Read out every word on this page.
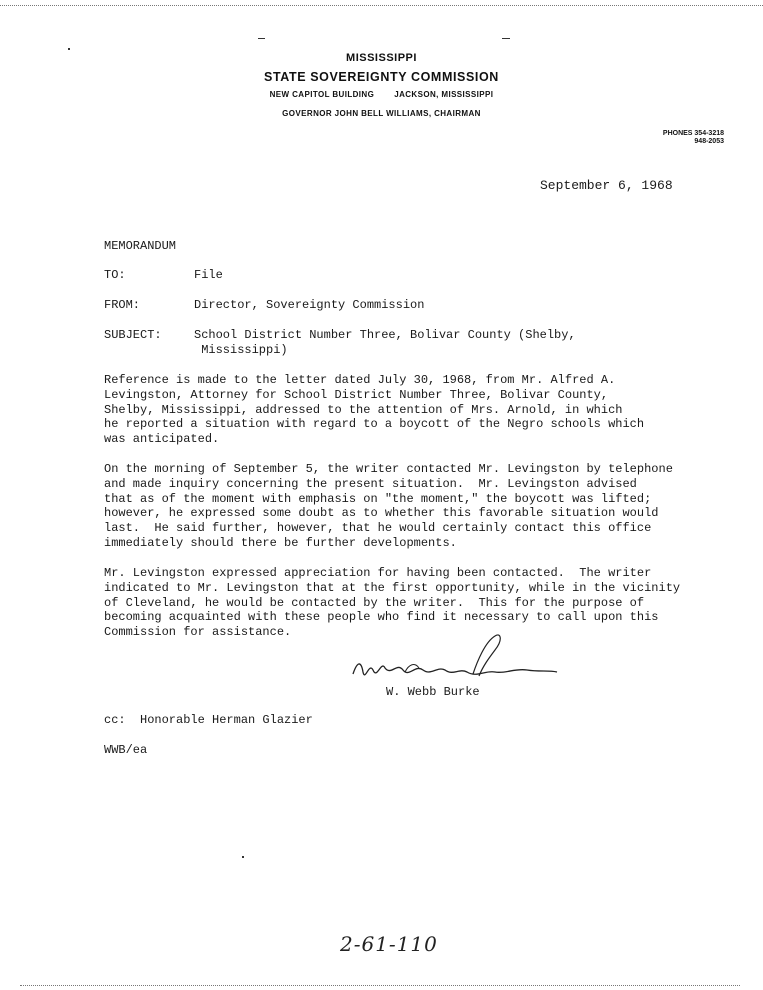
MISSISSIPPI
STATE SOVEREIGNTY COMMISSION
NEW CAPITOL BUILDING	JACKSON, MISSISSIPPI
GOVERNOR JOHN BELL WILLIAMS, CHAIRMAN
PHONES 354-3218
948-2053
September 6, 1968
MEMORANDUM
TO:	File
FROM:	Director, Sovereignty Commission
SUBJECT:	School District Number Three, Bolivar County (Shelby,
Mississippi)
Reference is made to the letter dated July 30, 1968, from Mr. Alfred A.
Levingston, Attorney for School District Number Three, Bolivar County,
Shelby, Mississippi, addressed to the attention of Mrs. Arnold, in which
he reported a situation with regard to a boycott of the Negro schools which
was anticipated.
On the morning of September 5, the writer contacted Mr. Levingston by telephone
and made inquiry concerning the present situation.  Mr. Levingston advised
that as of the moment with emphasis on "the moment," the boycott was lifted;
however, he expressed some doubt as to whether this favorable situation would
last.  He said further, however, that he would certainly contact this office
immediately should there be further developments.
Mr. Levingston expressed appreciation for having been contacted.  The writer
indicated to Mr. Levingston that at the first opportunity, while in the vicinity
of Cleveland, he would be contacted by the writer.  This for the purpose of
becoming acquainted with these people who find it necessary to call upon this
Commission for assistance.
W. Webb Burke
cc:  Honorable Herman Glazier
WWB/ea
2-61-110
